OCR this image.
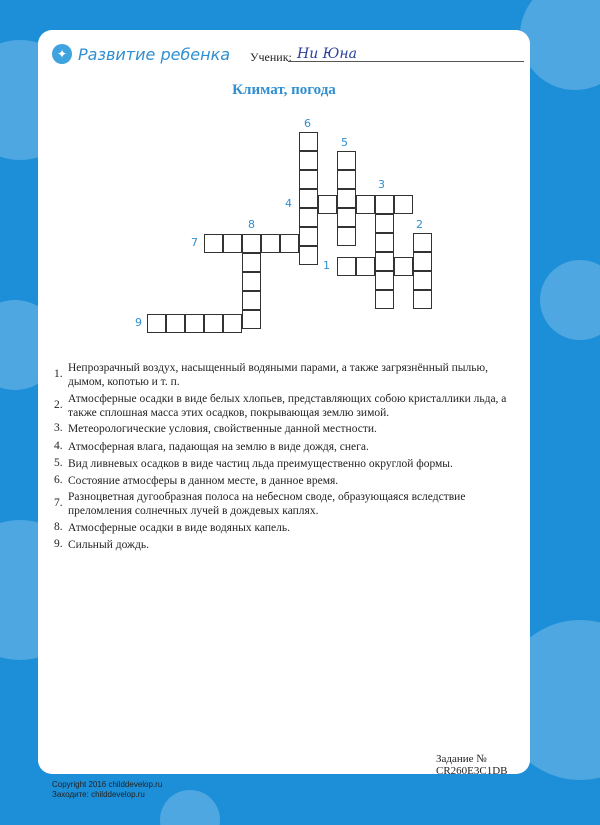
✦ Развитие ребенка Ученик: Ни Юна
Климат, погода
6
5
3
4
2
8
7
1
9
1. Непрозрачный воздух, насыщенный водяными парами, а также загрязнённый пылью, дымом, копотью и т. п.
2. Атмосферные осадки в виде белых хлопьев, представляющих собою кристаллики льда, а также сплошная масса этих осадков, покрывающая землю зимой.
3. Метеорологические условия, свойственные данной местности.
4. Атмосферная влага, падающая на землю в виде дождя, снега.
5. Вид ливневых осадков в виде частиц льда преимущественно округлой формы.
6. Состояние атмосферы в данном месте, в данное время.
7. Разноцветная дугообразная полоса на небесном своде, образующаяся вследствие преломления солнечных лучей в дождевых каплях.
8. Атмосферные осадки в виде водяных капель.
9. Сильный дождь.
Задание № CR260E3C1DB
Copyright 2016 childdevelop.ru
Заходите: childdevelop.ru
